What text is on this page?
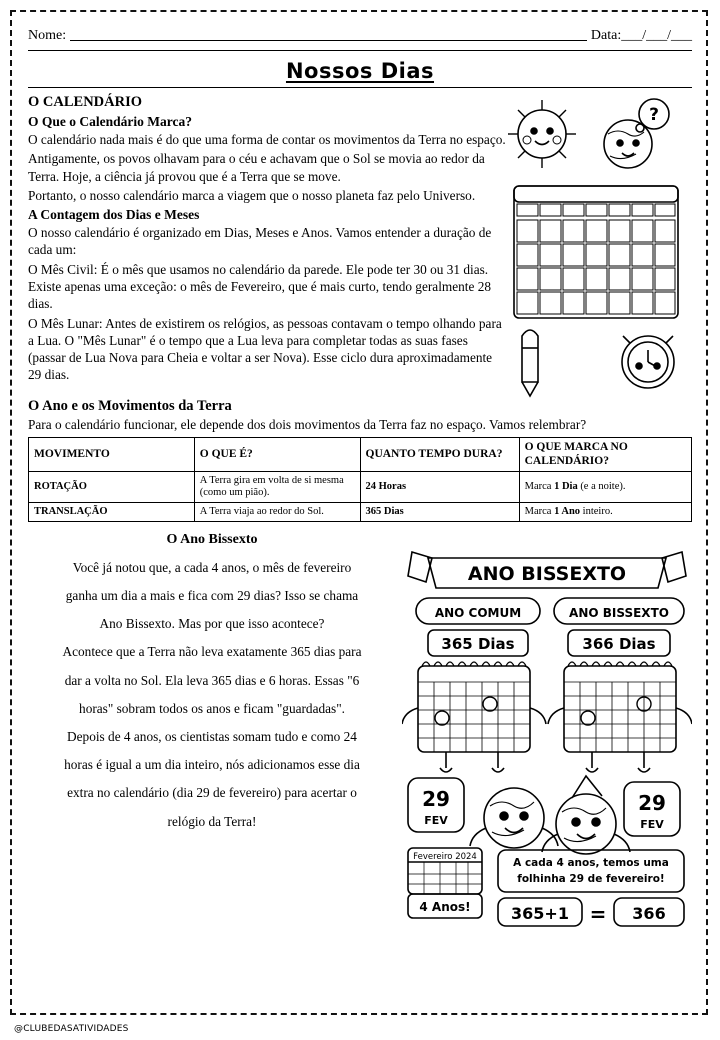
Nome:	Data: ___/___/___
Nossos Dias
?
O CALENDÁRIO
O Que o Calendário Marca?

O calendário nada mais é do que uma forma de contar os movimentos da Terra no espaço.

Antigamente, os povos olhavam para o céu e achavam que o Sol se movia ao redor da Terra. Hoje, a ciência já provou que é a Terra que se move.

Portanto, o nosso calendário marca a viagem que o nosso planeta faz pelo Universo.

A Contagem dos Dias e Meses

O nosso calendário é organizado em Dias, Meses e Anos. Vamos entender a duração de cada um:

O Mês Civil: É o mês que usamos no calendário da parede. Ele pode ter 30 ou 31 dias. Existe apenas uma exceção: o mês de Fevereiro, que é mais curto, tendo geralmente 28 dias.

O Mês Lunar: Antes de existirem os relógios, as pessoas contavam o tempo olhando para a Lua. O "Mês Lunar" é o tempo que a Lua leva para completar todas as suas fases (passar de Lua Nova para Cheia e voltar a ser Nova). Esse ciclo dura aproximadamente 29 dias.

O Ano e os Movimentos da Terra

Para o calendário funcionar, ele depende dos dois movimentos da Terra faz no espaço. Vamos relembrar?

MOVIMENTO	O QUE É?	QUANTO TEMPO DURA?	O QUE MARCA NO CALENDÁRIO?
ROTAÇÃO	A Terra gira em volta de si mesma (como um pião).	24 Horas	Marca 1 Dia (e a noite).
TRANSLAÇÃO	A Terra viaja ao redor do Sol.	365 Dias	Marca 1 Ano inteiro.
O Ano Bissexto

Você já notou que, a cada 4 anos, o mês de fevereiro

ganha um dia a mais e fica com 29 dias? Isso se chama

Ano Bissexto. Mas por que isso acontece?

Acontece que a Terra não leva exatamente 365 dias para

dar a volta no Sol. Ela leva 365 dias e 6 horas. Essas "6

horas" sobram todos os anos e ficam "guardadas".

Depois de 4 anos, os cientistas somam tudo e como 24

horas é igual a um dia inteiro, nós adicionamos esse dia

extra no calendário (dia 29 de fevereiro) para acertar o

relógio da Terra!

ANO BISSEXTO
ANO COMUM	ANO BISSEXTO
365 Dias	366 Dias
29
FEV
29
FEV
Fevereiro 2024
4 Anos!
A cada 4 anos, temos uma
folhinha 29 de fevereiro!
365+1 = 366
@CLUBEDASATIVIDADES
